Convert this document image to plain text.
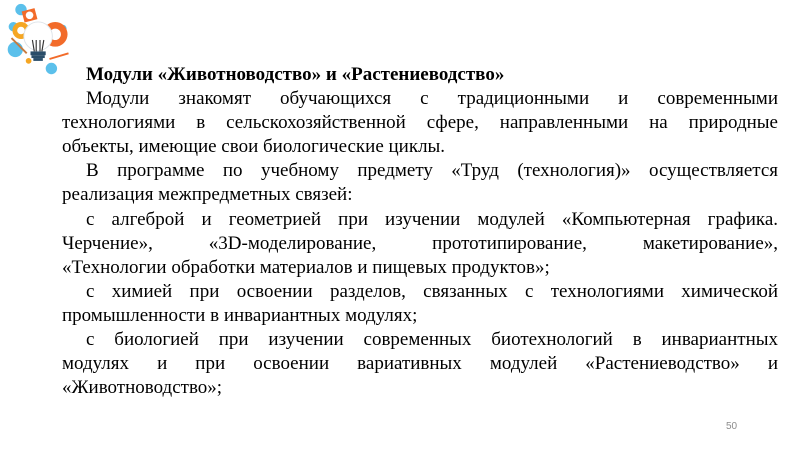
Модули «Животноводство» и «Растениеводство»
Модули знакомят обучающихся с традиционными и современными
технологиями в сельскохозяйственной сфере, направленными на природные
объекты, имеющие свои биологические циклы.
В программе по учебному предмету «Труд (технология)» осуществляется
реализация межпредметных связей:
с алгеброй и геометрией при изучении модулей «Компьютерная графика.
Черчение», «3D-моделирование, прототипирование, макетирование»,
«Технологии обработки материалов и пищевых продуктов»;
с химией при освоении разделов, связанных с технологиями химической
промышленности в инвариантных модулях;
с биологией при изучении современных биотехнологий в инвариантных
модулях и при освоении вариативных модулей «Растениеводство» и
«Животноводство»;
50
